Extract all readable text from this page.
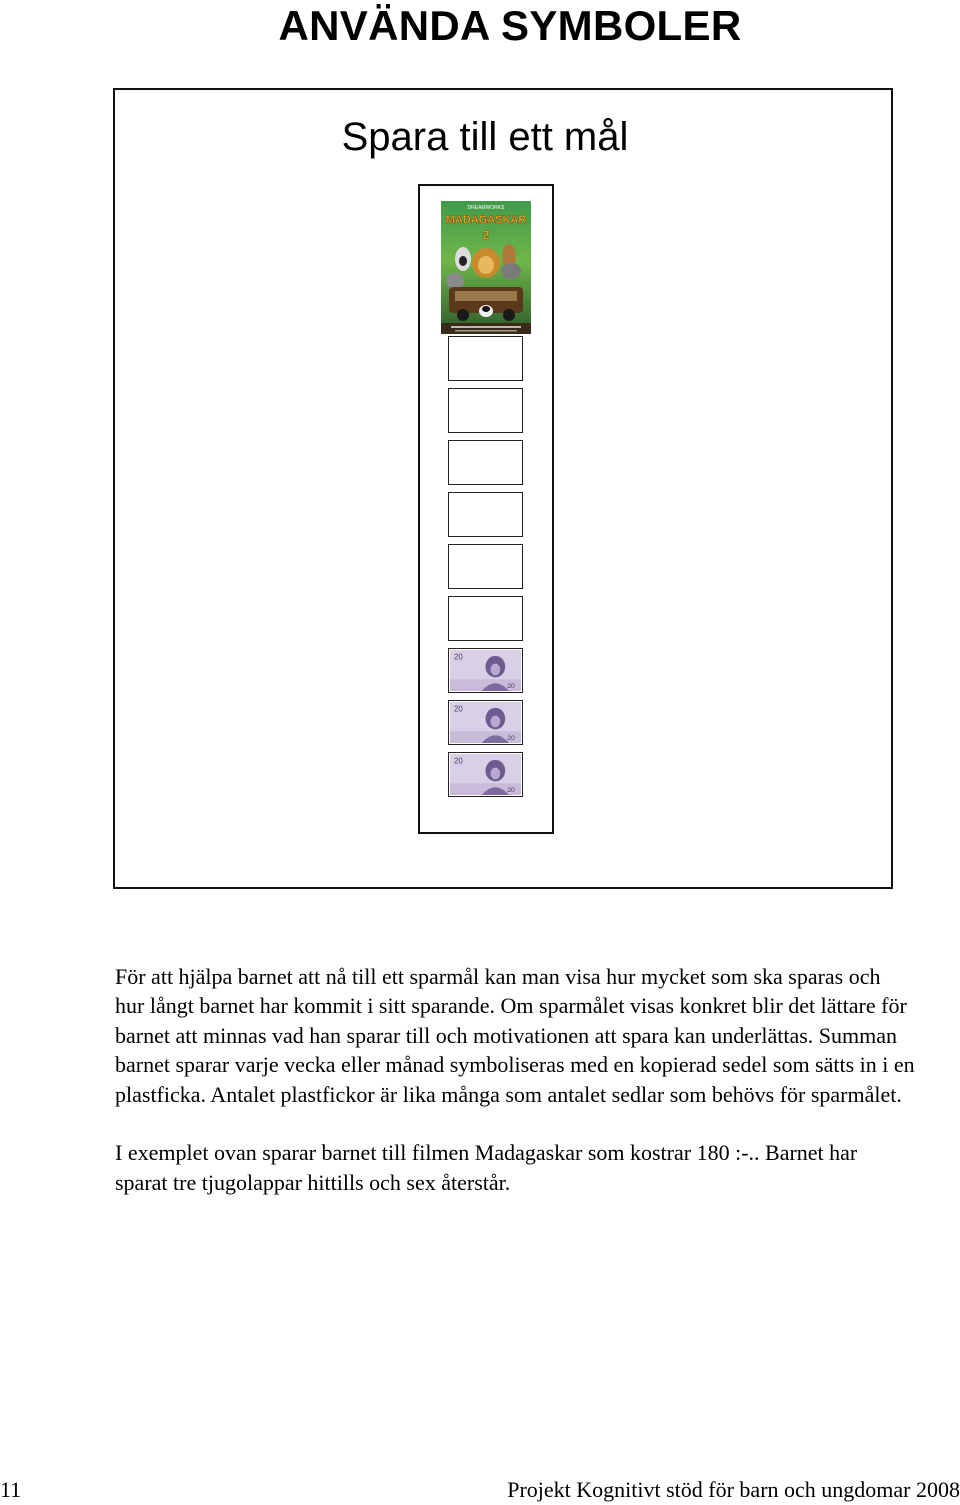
ANVÄNDA SYMBOLER
Spara till ett mål
DREAMWORKS
MADAGASKAR
2
20
20
20
20
20
20

För att hjälpa barnet att nå till ett sparmål kan man visa hur mycket som ska sparas och hur långt barnet har kommit i sitt sparande. Om sparmålet visas konkret blir det lättare för barnet att minnas vad han sparar till och motivationen att spara kan underlättas. Summan barnet sparar varje vecka eller månad symboliseras med en kopierad sedel som sätts in i en plastficka. Antalet plastfickor är lika många som antalet sedlar som behövs för sparmålet.

I exemplet ovan sparar barnet till filmen Madagaskar som kostrar 180 :-.. Barnet har sparat tre tjugolappar hittills och sex återstår.

11	Projekt Kognitivt stöd för barn och ungdomar 2008
